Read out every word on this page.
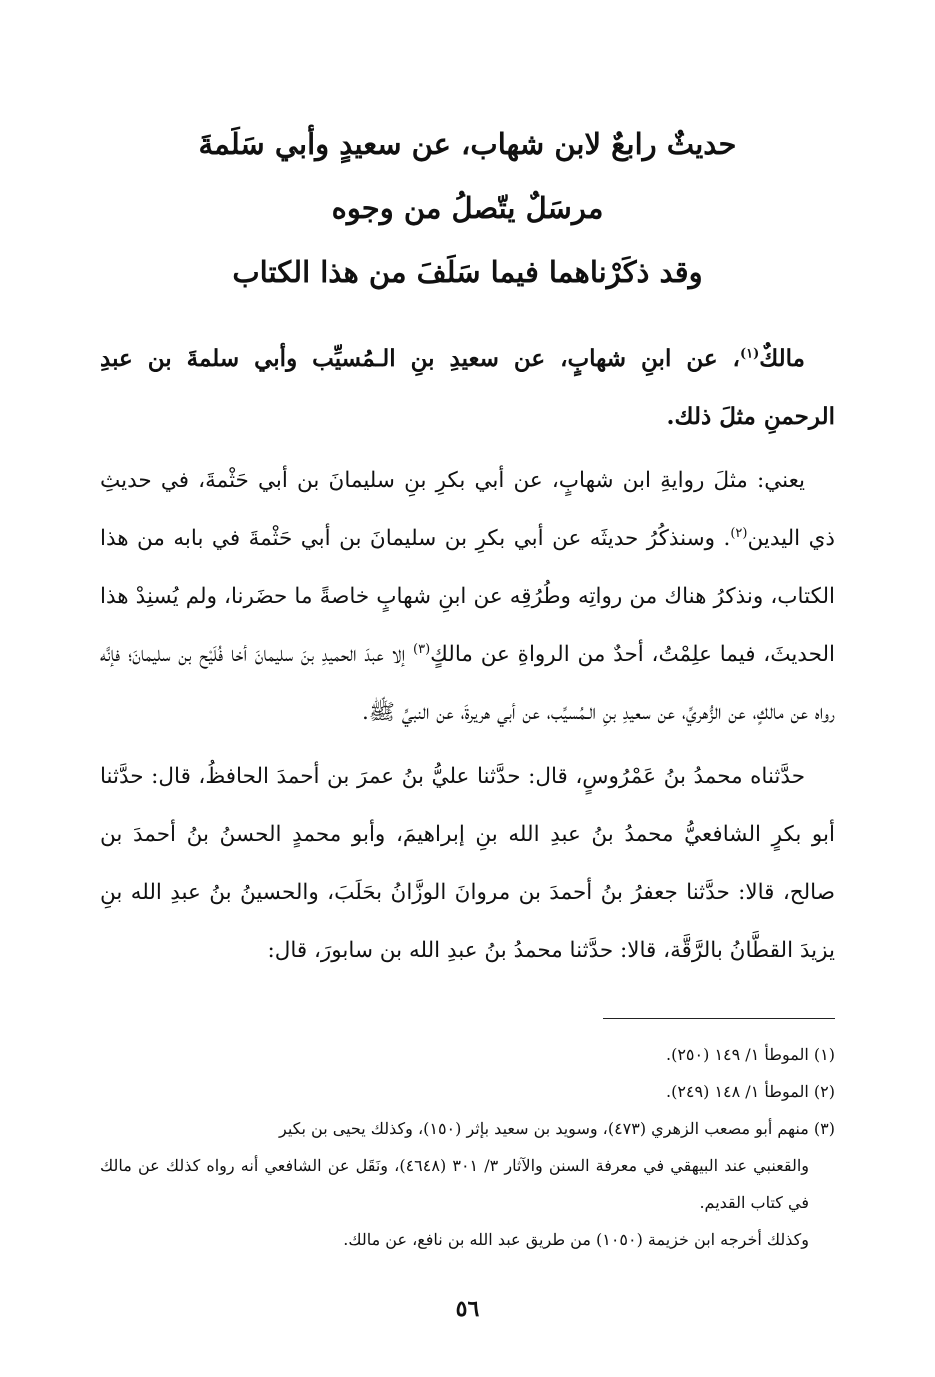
حديثٌ رابعٌ لابن شهاب، عن سعيدٍ وأبي سَلَمةَ
مرسَلٌ يتّصلُ من وجوه
وقد ذكَرْناهما فيما سَلَفَ من هذا الكتاب

مالكٌ$^{(١)}$، عن ابنِ شهابٍ، عن سعيدِ بنِ الـمُسيِّب وأبي سلمةَ بن عبدِ الرحمنِ مثلَ ذلك.

يعني: مثلَ روايةِ ابن شهابٍ، عن أبي بكرِ بنِ سليمانَ بن أبي حَثْمةَ، في حديثِ ذي اليدين$^{(٢)}$. وسنذكُرُ حديثَه عن أبي بكرِ بن سليمانَ بن أبي حَثْمةَ في بابه من هذا الكتاب، ونذكرُ هناك من رواتِه وطُرُقِه عن ابنِ شهابٍ خاصةً ما حضَرنا، ولم يُسنِدْ هذا الحديثَ، فيما علِمْتُ، أحدٌ من الرواةِ عن مالكٍ$^{(٣)}$ إلا عبدَ الحميدِ بنَ سليمانَ أخا فُلَيْح بن سليمانَ؛ فإنَّه رواه عن مالكٍ، عن الزُّهريِّ، عن سعيدِ بنِ الـمُسيِّب، عن أبي هريرةَ، عن النبيِّ ﷺ.

حدَّثناه محمدُ بنُ عَمْرُوسٍ، قال: حدَّثنا عليُّ بنُ عمرَ بن أحمدَ الحافظُ، قال: حدَّثنا أبو بكرٍ الشافعيُّ محمدُ بنُ عبدِ الله بنِ إبراهيمَ، وأبو محمدٍ الحسنُ بنُ أحمدَ بن صالح، قالا: حدَّثنا جعفرُ بنُ أحمدَ بن مروانَ الوزَّانُ بحَلَبَ، والحسينُ بنُ عبدِ الله بنِ يزيدَ القطَّانُ بالرَّقَّة، قالا: حدَّثنا محمدُ بنُ عبدِ الله بن سابورَ، قال:

(١) الموطأ ١/ ١٤٩ (٢٥٠).

(٢) الموطأ ١/ ١٤٨ (٢٤٩).

(٣) منهم أبو مصعب الزهري (٤٧٣)، وسويد بن سعيد بإثر (١٥٠)، وكذلك يحيى بن بكير

والقعنبي عند البيهقي في معرفة السنن والآثار ٣/ ٣٠١ (٤٦٤٨)، ونَقَل عن الشافعي أنه رواه كذلك عن مالك في كتاب القديم.

وكذلك أخرجه ابن خزيمة (١٠٥٠) من طريق عبد الله بن نافع، عن مالك.

٥٦
